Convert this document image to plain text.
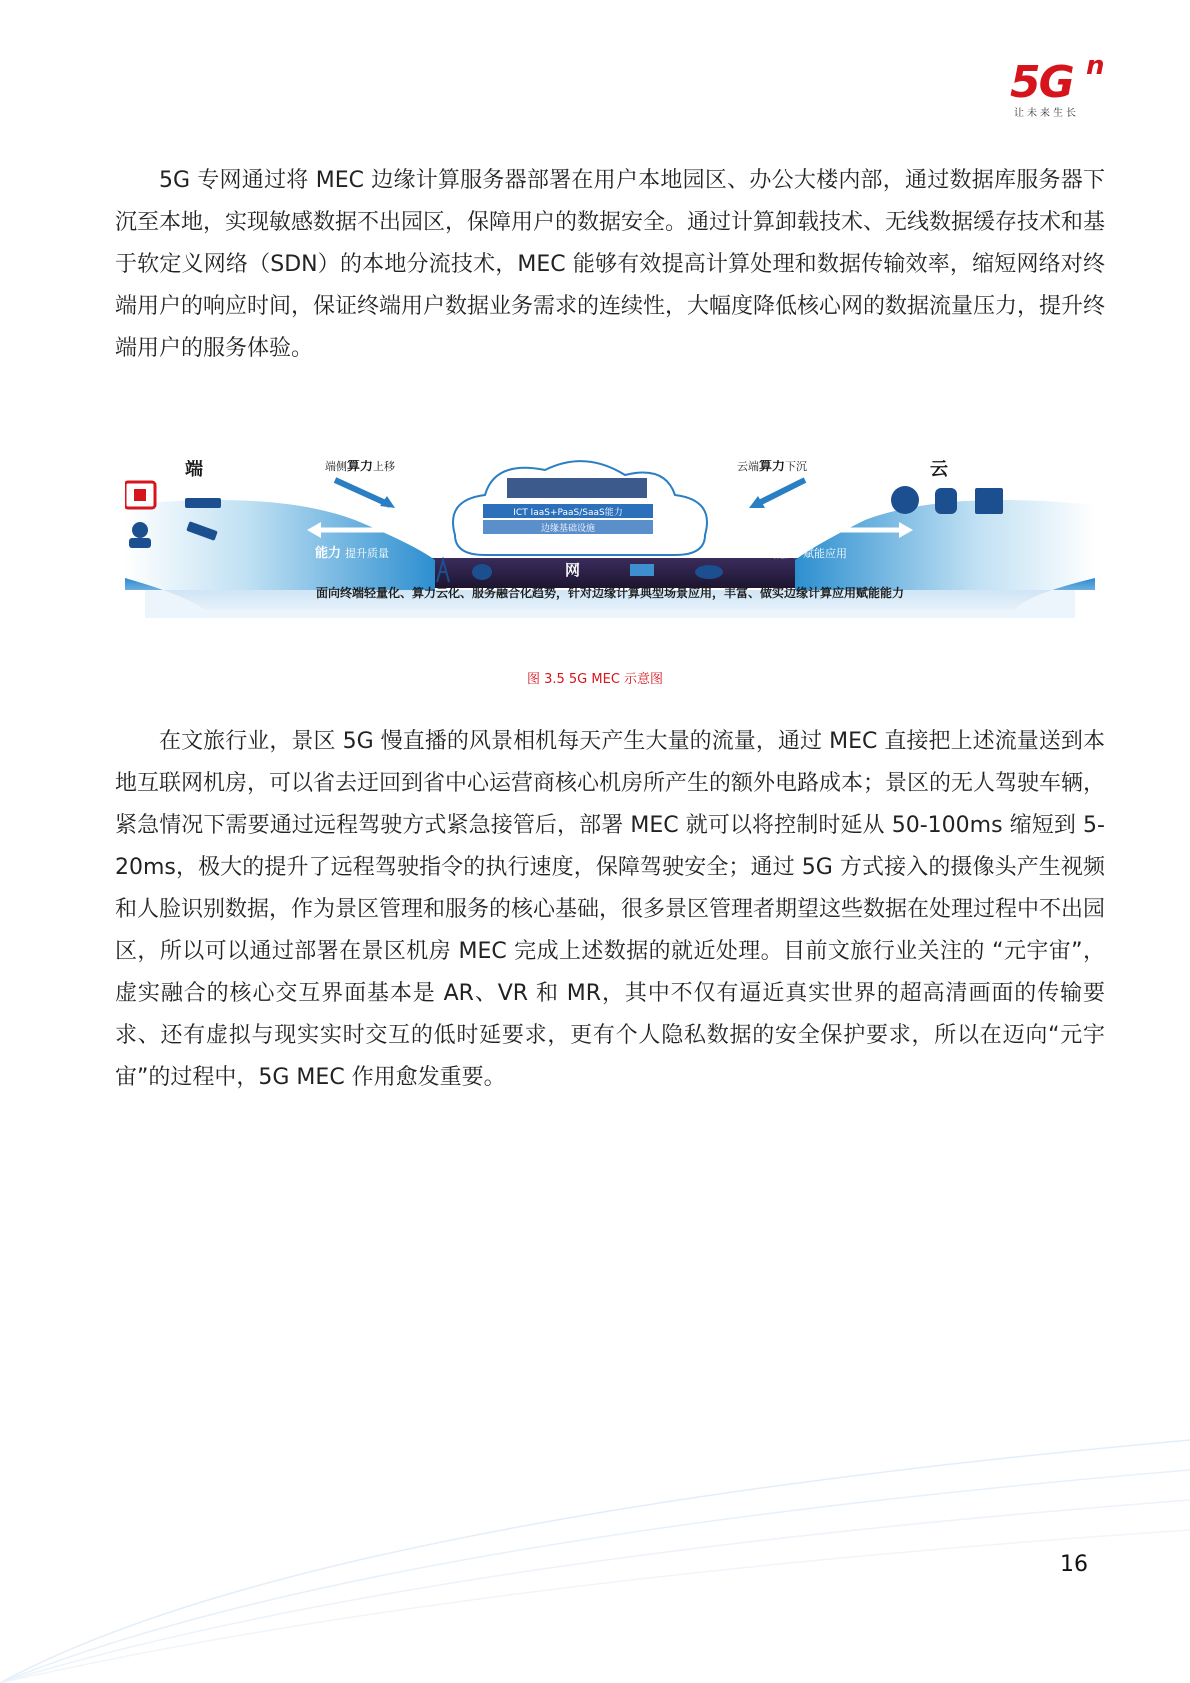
5G n
让未来生长

5G 专网通过将 MEC 边缘计算服务器部署在用户本地园区、办公大楼内部，通过数据库服务器下沉至本地，实现敏感数据不出园区，保障用户的数据安全。通过计算卸载技术、无线数据缓存技术和基于软定义网络（SDN）的本地分流技术，MEC 能够有效提高计算处理和数据传输效率，缩短网络对终端用户的响应时间，保证终端用户数据业务需求的连续性，大幅度降低核心网的数据流量压力，提升终端用户的服务体验。

ICT IaaS+PaaS/SaaS能力
边缘基础设施
端	云
端侧算力上移	云端算力下沉
能力 提升质量	能力 赋能应用
网
面向终端轻量化、算力云化、服务融合化趋势，针对边缘计算典型场景应用，丰富、做实边缘计算应用赋能能力
图 3.5 5G MEC 示意图

在文旅行业，景区 5G 慢直播的风景相机每天产生大量的流量，通过 MEC 直接把上述流量送到本地互联网机房，可以省去迂回到省中心运营商核心机房所产生的额外电路成本；景区的无人驾驶车辆，紧急情况下需要通过远程驾驶方式紧急接管后，部署 MEC 就可以将控制时延从 50-100ms 缩短到 5-20ms，极大的提升了远程驾驶指令的执行速度，保障驾驶安全；通过 5G 方式接入的摄像头产生视频和人脸识别数据，作为景区管理和服务的核心基础，很多景区管理者期望这些数据在处理过程中不出园区，所以可以通过部署在景区机房 MEC 完成上述数据的就近处理。目前文旅行业关注的 “元宇宙”，虚实融合的核心交互界面基本是 AR、VR 和 MR，其中不仅有逼近真实世界的超高清画面的传输要求、还有虚拟与现实实时交互的低时延要求，更有个人隐私数据的安全保护要求，所以在迈向“元宇宙”的过程中，5G MEC 作用愈发重要。

16
